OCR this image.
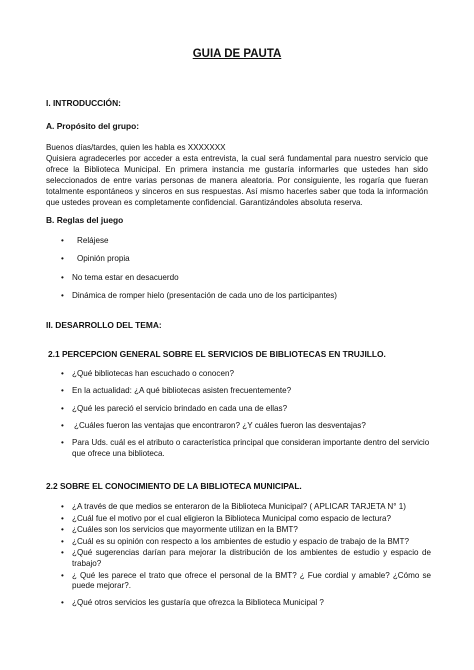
GUIA DE PAUTA
I. INTRODUCCIÓN:
A. Propósito del grupo:
Buenos días/tardes, quien les habla es XXXXXXX
Quisiera agradecerles por acceder a esta entrevista, la cual será fundamental para nuestro servicio que ofrece la Biblioteca Municipal. En primera instancia me gustaría informarles que ustedes han sido seleccionados de entre varias personas de manera aleatoria. Por consiguiente, les rogaría que fueran totalmente espontáneos y sinceros en sus respuestas. Así mismo hacerles saber que toda la información que ustedes provean es completamente confidencial. Garantizándoles absoluta reserva.
B. Reglas del juego
• Relájese
• Opinión propia
• No tema estar en desacuerdo
• Dinámica de romper hielo (presentación de cada uno de los participantes)
II. DESARROLLO DEL TEMA:
2.1 PERCEPCION GENERAL SOBRE EL SERVICIOS DE BIBLIOTECAS EN TRUJILLO.
• ¿Qué bibliotecas han escuchado o conocen?
• En la actualidad: ¿A qué bibliotecas asisten frecuentemente?
• ¿Qué les pareció el servicio brindado en cada una de ellas?
• ¿Cuáles fueron las ventajas que encontraron? ¿Y cuáles fueron las desventajas?
• Para Uds. cuál es el atributo o característica principal que consideran importante dentro del servicio que ofrece una biblioteca.
2.2 SOBRE EL CONOCIMIENTO DE LA BIBLIOTECA MUNICIPAL.
• ¿A través de que medios se enteraron de la Biblioteca Municipal? ( APLICAR TARJETA N° 1)
• ¿Cuál fue el motivo por el cual eligieron la Biblioteca Municipal como espacio de lectura?
• ¿Cuáles son los servicios que mayormente utilizan en la BMT?
• ¿Cuál es su opinión con respecto a los ambientes de estudio y espacio de trabajo de la BMT?
• ¿Qué sugerencias darían para mejorar la distribución de los ambientes de estudio y espacio de trabajo?
• ¿ Qué les parece el trato que ofrece el personal de la BMT? ¿ Fue cordial y amable? ¿Cómo se puede mejorar?.
• ¿Qué otros servicios les gustaría que ofrezca la Biblioteca Municipal ?
